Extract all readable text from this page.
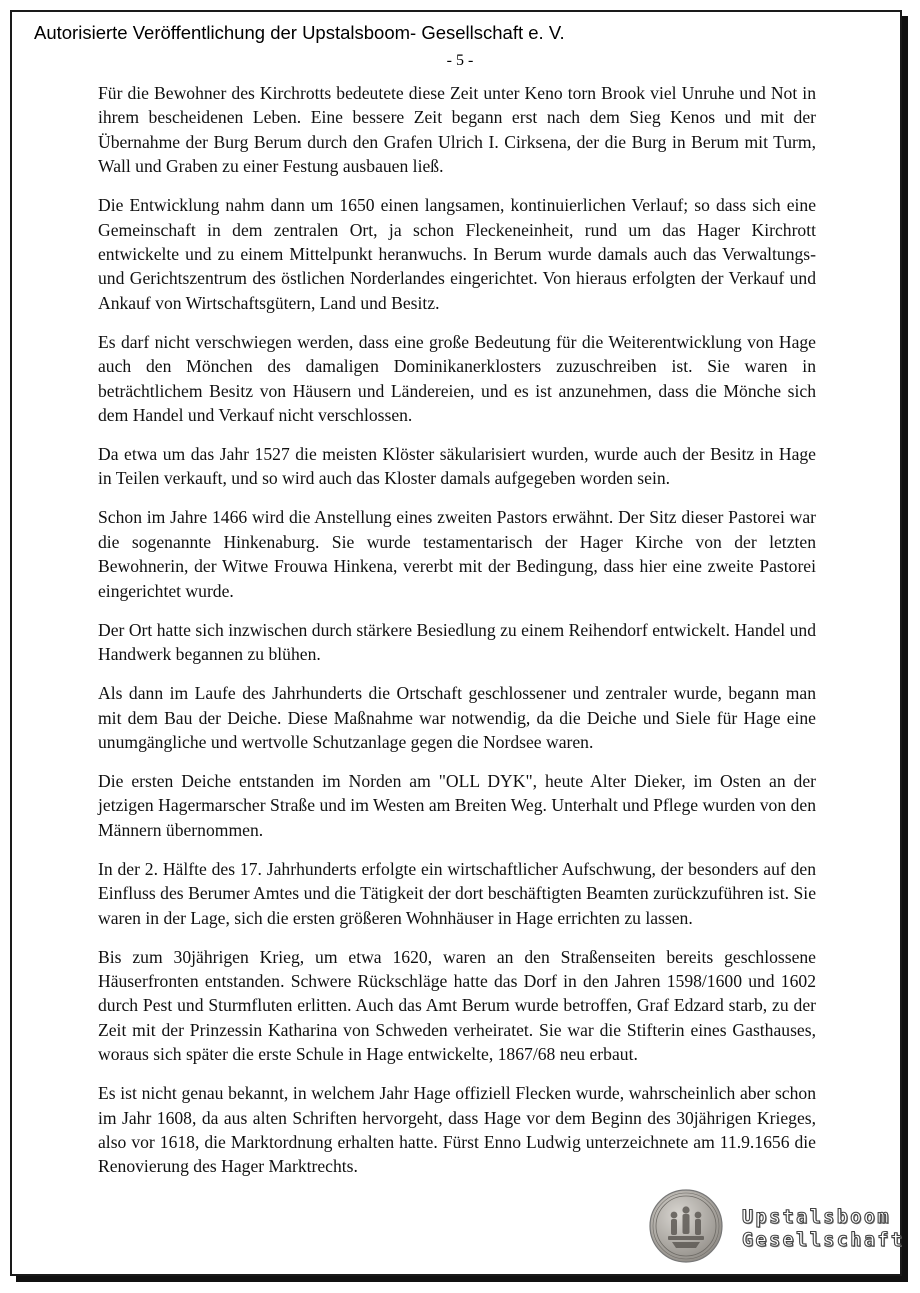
Autorisierte Veröffentlichung der Upstalsboom- Gesellschaft e. V.
- 5 -

Für die Bewohner des Kirchrotts bedeutete diese Zeit unter Keno torn Brook viel Unruhe und Not in ihrem bescheidenen Leben. Eine bessere Zeit begann erst nach dem Sieg Kenos und mit der Übernahme der Burg Berum durch den Grafen Ulrich I. Cirksena, der die Burg in Berum mit Turm, Wall und Graben zu einer Festung ausbauen ließ.

Die Entwicklung nahm dann um 1650 einen langsamen, kontinuierlichen Verlauf; so dass sich eine Gemeinschaft in dem zentralen Ort, ja schon Fleckeneinheit, rund um das Hager Kirchrott entwickelte und zu einem Mittelpunkt heranwuchs. In Berum wurde damals auch das Verwaltungs- und Gerichtszentrum des östlichen Norderlandes eingerichtet. Von hieraus erfolgten der Verkauf und Ankauf von Wirtschaftsgütern, Land und Besitz.

Es darf nicht verschwiegen werden, dass eine große Bedeutung für die Weiterentwicklung von Hage auch den Mönchen des damaligen Dominikanerklosters zuzuschreiben ist. Sie waren in beträchtlichem Besitz von Häusern und Ländereien, und es ist anzunehmen, dass die Mönche sich dem Handel und Verkauf nicht verschlossen.

Da etwa um das Jahr 1527 die meisten Klöster säkularisiert wurden, wurde auch der Besitz in Hage in Teilen verkauft, und so wird auch das Kloster damals aufgegeben worden sein.

Schon im Jahre 1466 wird die Anstellung eines zweiten Pastors erwähnt. Der Sitz dieser Pastorei war die sogenannte Hinkenaburg. Sie wurde testamentarisch der Hager Kirche von der letzten Bewohnerin, der Witwe Frouwa Hinkena, vererbt mit der Bedingung, dass hier eine zweite Pastorei eingerichtet wurde.

Der Ort hatte sich inzwischen durch stärkere Besiedlung zu einem Reihendorf entwickelt. Handel und Handwerk begannen zu blühen.

Als dann im Laufe des Jahrhunderts die Ortschaft geschlossener und zentraler wurde, begann man mit dem Bau der Deiche. Diese Maßnahme war notwendig, da die Deiche und Siele für Hage eine unumgängliche und wertvolle Schutzanlage gegen die Nordsee waren.

Die ersten Deiche entstanden im Norden am "OLL DYK", heute Alter Dieker, im Osten an der jetzigen Hagermarscher Straße und im Westen am Breiten Weg. Unterhalt und Pflege wurden von den Männern übernommen.

In der 2. Hälfte des 17. Jahrhunderts erfolgte ein wirtschaftlicher Aufschwung, der besonders auf den Einfluss des Berumer Amtes und die Tätigkeit der dort beschäftigten Beamten zurückzuführen ist. Sie waren in der Lage, sich die ersten größeren Wohnhäuser in Hage errichten zu lassen.

Bis zum 30jährigen Krieg, um etwa 1620, waren an den Straßenseiten bereits geschlossene Häuserfronten entstanden. Schwere Rückschläge hatte das Dorf in den Jahren 1598/1600 und 1602 durch Pest und Sturmfluten erlitten. Auch das Amt Berum wurde betroffen, Graf Edzard starb, zu der Zeit mit der Prinzessin Katharina von Schweden verheiratet. Sie war die Stifterin eines Gasthauses, woraus sich später die erste Schule in Hage entwickelte, 1867/68 neu erbaut.

Es ist nicht genau bekannt, in welchem Jahr Hage offiziell Flecken wurde, wahrscheinlich aber schon im Jahr 1608, da aus alten Schriften hervorgeht, dass Hage vor dem Beginn des 30jährigen Krieges, also vor 1618, die Marktordnung erhalten hatte. Fürst Enno Ludwig unterzeichnete am 11.9.1656 die Renovierung des Hager Marktrechts.

Upstalsboom
Gesellschaft
